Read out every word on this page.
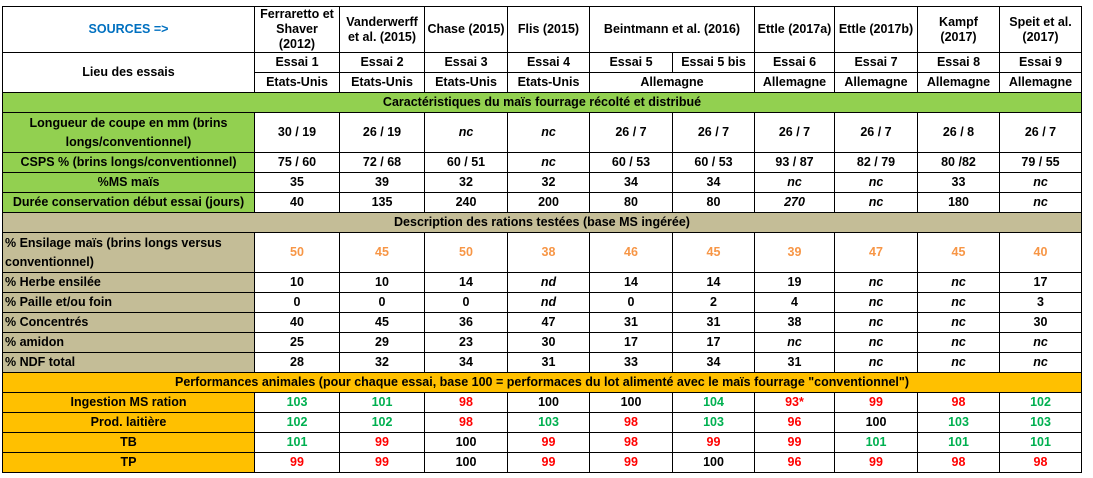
SOURCES =>	Ferraretto et Shaver (2012)	Vanderwerff et al. (2015)	Chase (2015)	Flis (2015)	Beintmann et al. (2016)		Ettle (2017a)	Ettle (2017b)	Kampf (2017)	Speit et al. (2017)
Lieu des essais	Essai 1	Essai 2	Essai 3	Essai 4	Essai 5	Essai 5 bis	Essai 6	Essai 7	Essai 8	Essai 9
	Etats-Unis	Etats-Unis	Etats-Unis	Etats-Unis	Allemagne		Allemagne	Allemagne	Allemagne	Allemagne
Caractéristiques du maïs fourrage récolté et distribué										
Longueur de coupe en mm (brins longs/conventionnel)	30 / 19	26 / 19	nc	nc	26 / 7	26 / 7	26 / 7	26 / 7	26 / 8	26 / 7
CSPS % (brins longs/conventionnel)	75 / 60	72 / 68	60 / 51	nc	60 / 53	60 / 53	93 / 87	82 / 79	80 /82	79 / 55
%MS maïs	35	39	32	32	34	34	nc	nc	33	nc
Durée conservation début essai (jours)	40	135	240	200	80	80	270	nc	180	nc
Description des rations testées (base MS ingérée)										
% Ensilage maïs (brins longs versus conventionnel)	50	45	50	38	46	45	39	47	45	40
% Herbe ensilée	10	10	14	nd	14	14	19	nc	nc	17
% Paille et/ou foin	0	0	0	nd	0	2	4	nc	nc	3
% Concentrés	40	45	36	47	31	31	38	nc	nc	30
% amidon	25	29	23	30	17	17	nc	nc	nc	nc
% NDF total	28	32	34	31	33	34	31	nc	nc	nc
Performances animales (pour chaque essai, base 100 = performaces du lot alimenté avec le maïs fourrage "conventionnel")										
Ingestion MS ration	103	101	98	100	100	104	93*	99	98	102
Prod. laitière	102	102	98	103	98	103	96	100	103	103
TB	101	99	100	99	98	99	99	101	101	101
TP	99	99	100	99	99	100	96	99	98	98
